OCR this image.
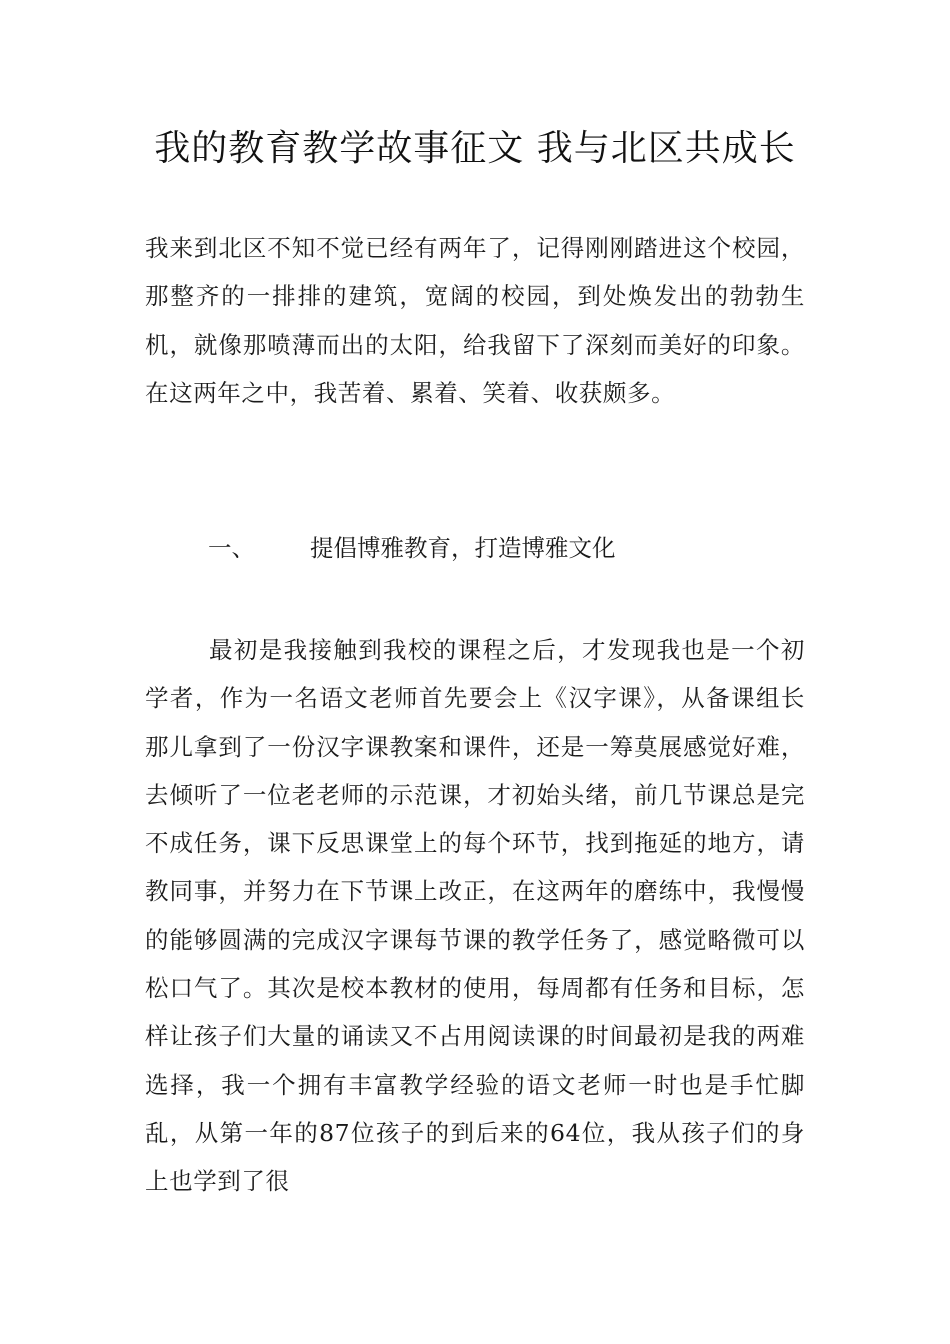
我的教育教学故事征文 我与北区共成长
我来到北区不知不觉已经有两年了，记得刚刚踏进这个校园，那整齐的一排排的建筑，宽阔的校园，到处焕发出的勃勃生机，就像那喷薄而出的太阳，给我留下了深刻而美好的印象。在这两年之中，我苦着、累着、笑着、收获颇多。
一、 提倡博雅教育，打造博雅文化
最初是我接触到我校的课程之后，才发现我也是一个初学者，作为一名语文老师首先要会上《汉字课》，从备课组长那儿拿到了一份汉字课教案和课件，还是一筹莫展感觉好难，去倾听了一位老老师的示范课，才初始头绪，前几节课总是完不成任务，课下反思课堂上的每个环节，找到拖延的地方，请教同事，并努力在下节课上改正，在这两年的磨练中，我慢慢的能够圆满的完成汉字课每节课的教学任务了，感觉略微可以松口气了。其次是校本教材的使用，每周都有任务和目标，怎样让孩子们大量的诵读又不占用阅读课的时间最初是我的两难选择，我一个拥有丰富教学经验的语文老师一时也是手忙脚乱，从第一年的87位孩子的到后来的64位，我从孩子们的身上也学到了很
